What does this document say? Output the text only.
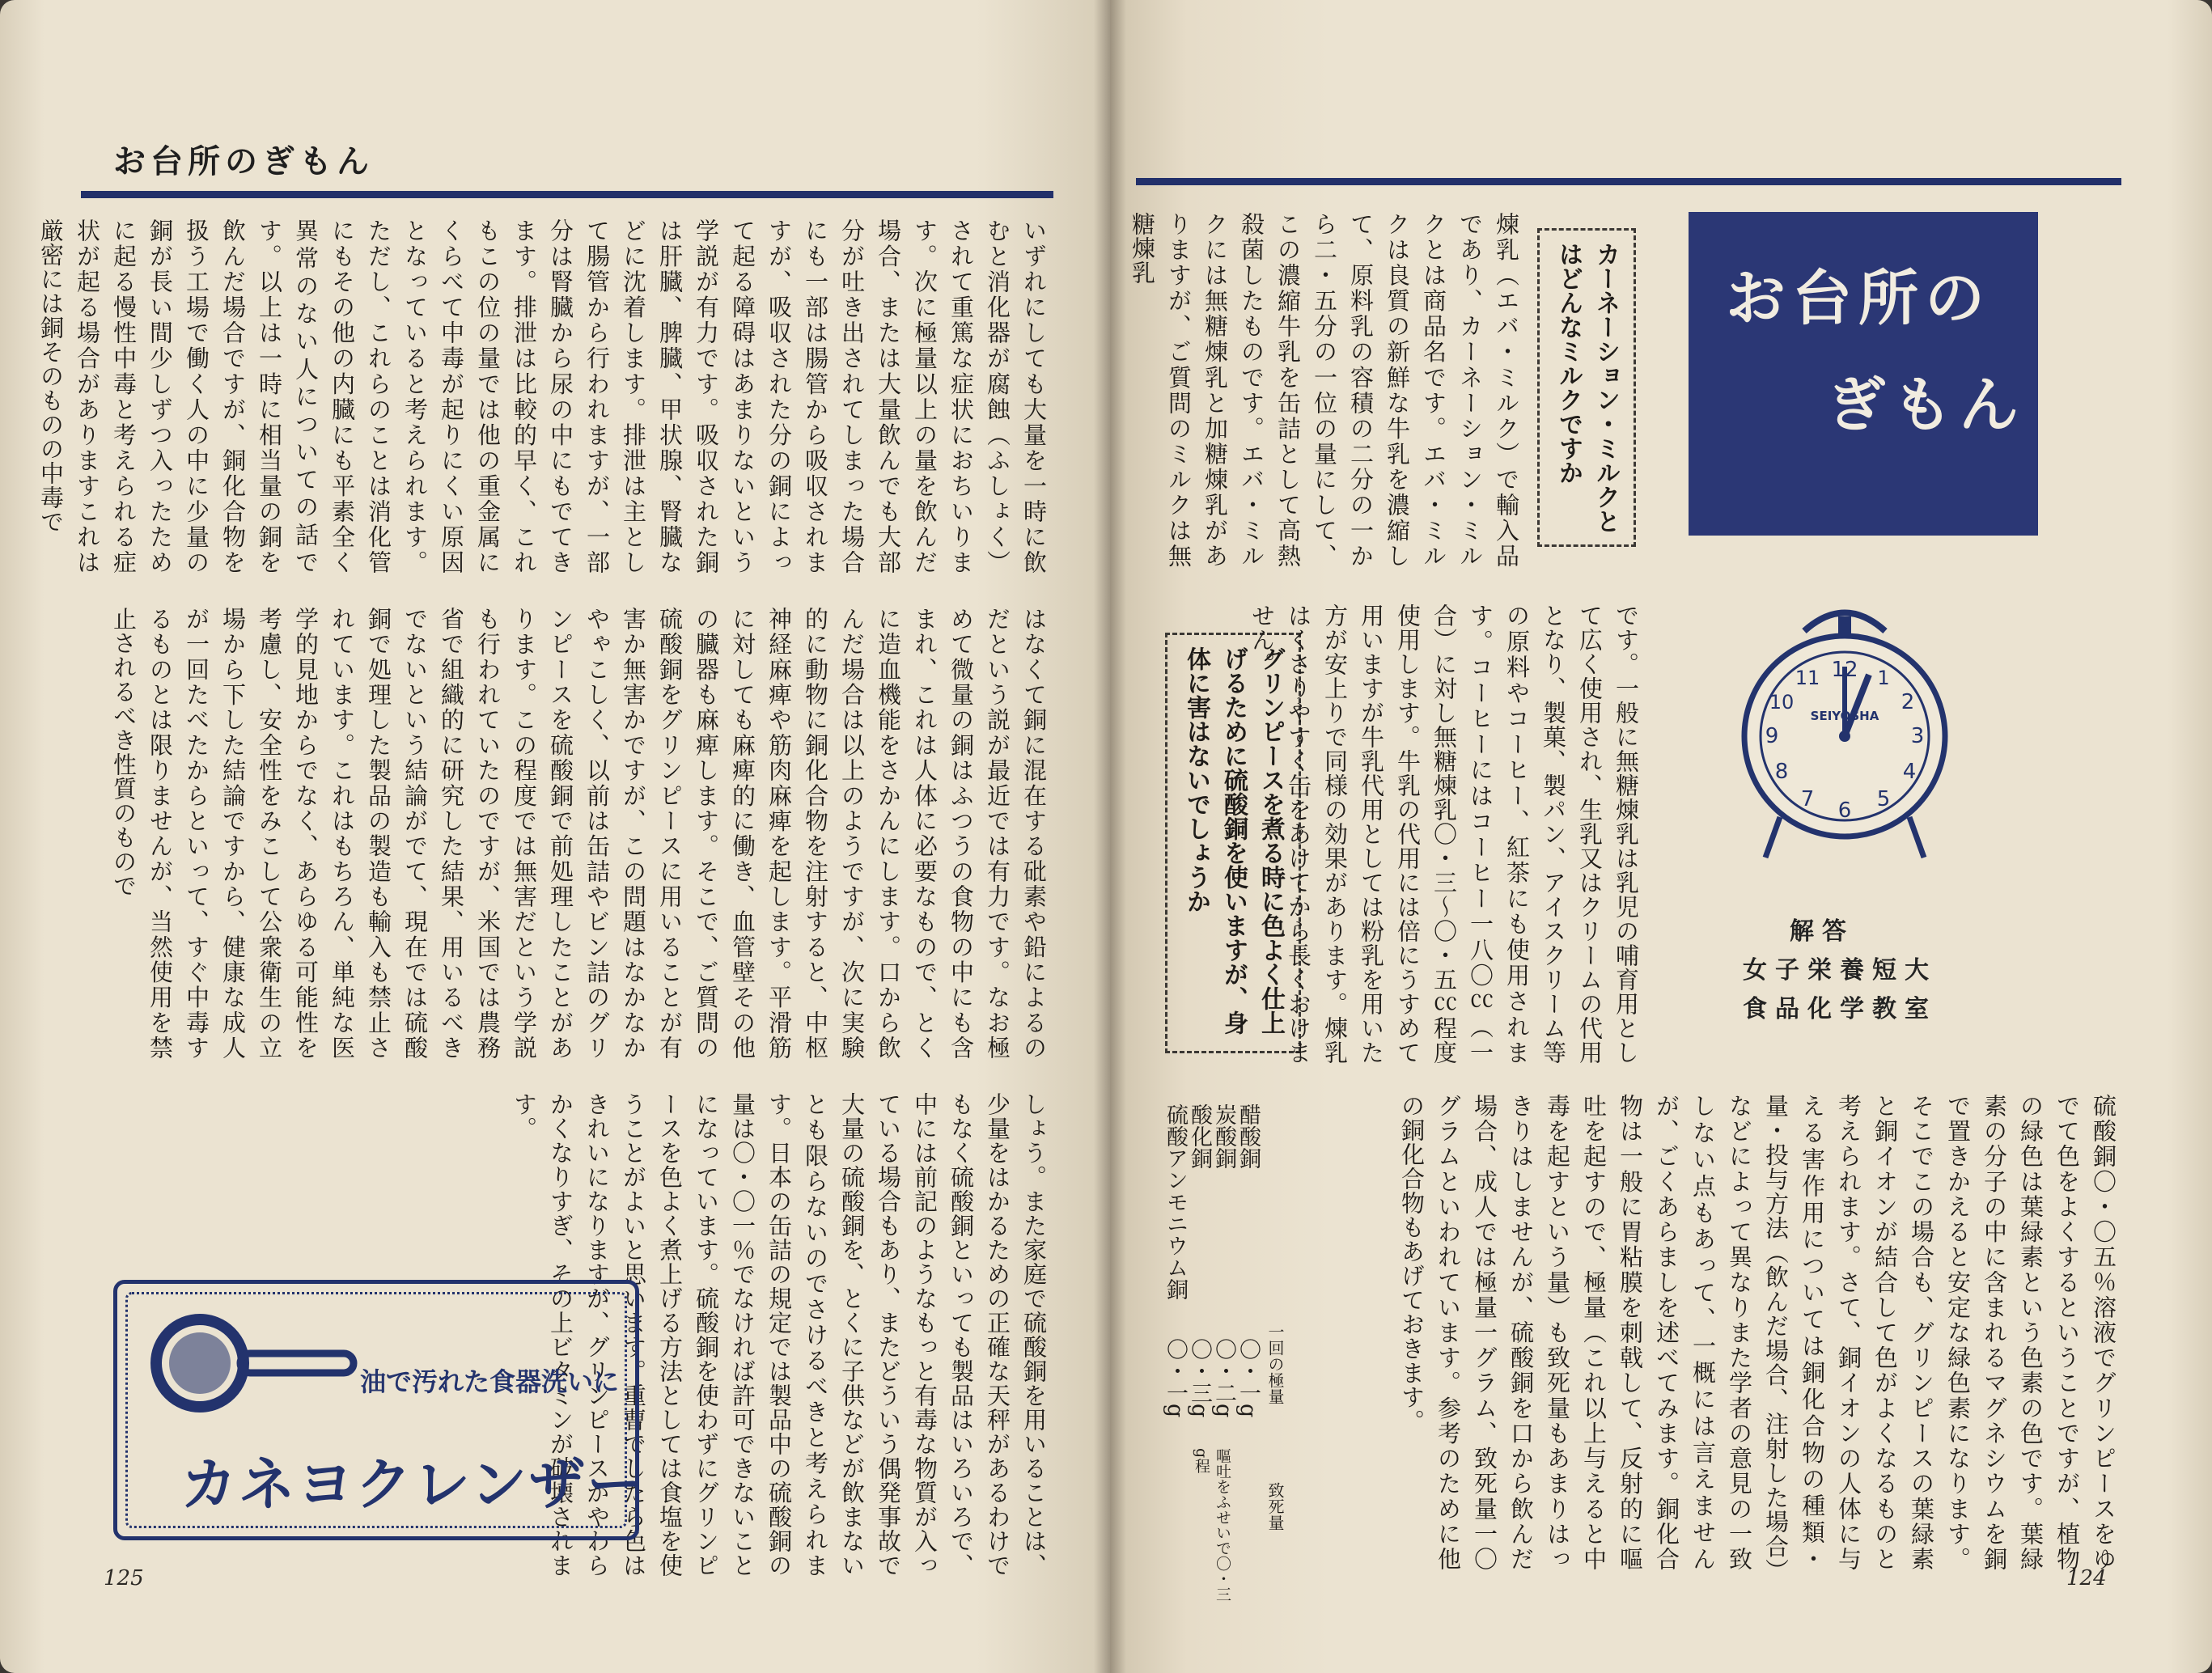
お台所のぎもん
いずれにしても大量を一時に飲むと消化器が腐蝕（ふしょく）されて重篤な症状におちいります。次に極量以上の量を飲んだ場合、または大量飲んでも大部分が吐き出されてしまった場合にも一部は腸管から吸収されますが、吸収された分の銅によって起る障碍はあまりないという学説が有力です。吸収された銅は肝臓、脾臓、甲状腺、腎臓などに沈着します。排泄は主として腸管から行われますが、一部分は腎臓から尿の中にもでてきます。排泄は比較的早く、これもこの位の量では他の重金属にくらべて中毒が起りにくい原因となっていると考えられます。ただし、これらのことは消化管にもその他の内臓にも平素全く異常のない人についての話です。以上は一時に相当量の銅を飲んだ場合ですが、銅化合物を扱う工場で働く人の中に少量の銅が長い間少しずつ入ったために起る慢性中毒と考えられる症状が起る場合がありますこれは厳密には銅そのものの中毒で
はなくて銅に混在する砒素や鉛によるのだという説が最近では有力です。なお極めて微量の銅はふつうの食物の中にも含まれ、これは人体に必要なもので、とくに造血機能をさかんにします。口から飲んだ場合は以上のようですが、次に実験的に動物に銅化合物を注射すると、中枢神経麻痺や筋肉麻痺を起します。平滑筋に対しても麻痺的に働き、血管壁その他の臓器も麻痺します。そこで、ご質問の硫酸銅をグリンピースに用いることが有害か無害かですが、この問題はなかなかやゃこしく、以前は缶詰やビン詰のグリンピースを硫酸銅で前処理したことがあります。この程度では無害だという学説も行われていたのですが、米国では農務省で組織的に研究した結果、用いるべきでないという結論がでて、現在では硫酸銅で処理した製品の製造も輸入も禁止されています。これはもちろん、単純な医学的見地からでなく、あらゆる可能性を考慮し、安全性をみこして公衆衛生の立場から下した結論ですから、健康な成人が一回たべたからといって、すぐ中毒するものとは限りませんが、当然使用を禁止されるべき性質のもので
しょう。また家庭で硫酸銅を用いることは、少量をはかるための正確な天秤があるわけでもなく硫酸銅といっても製品はいろいろで、中には前記のようなもっと有毒な物質が入っている場合もあり、またどういう偶発事故で大量の硫酸銅を、とくに子供などが飲まないとも限らないのでさけるべきと考えられます。日本の缶詰の規定では製品中の硫酸銅の量は〇・〇一％でなければ許可できないことになっています。硫酸銅を使わずにグリンピースを色よく煮上げる方法としては食塩を使うことがよいと思います。重曹でしたら色はきれいになりますが、グリンピースがやわらかくなりすぎ、その上ビタミンが破壊されます。
油で汚れた食器洗いに
カネヨクレンザー
125
お台所の
ぎもん
カーネーション・ミルクとはどんなミルクですか
煉乳（エバ・ミルク）で輸入品であり、カーネーション・ミルクとは商品名です。エバ・ミルクは良質の新鮮な牛乳を濃縮して、原料乳の容積の二分の一から二・五分の一位の量にして、この濃縮牛乳を缶詰として高熱殺菌したものです。エバ・ミルクには無糖煉乳と加糖煉乳がありますが、ご質問のミルクは無糖煉乳
グリンピースを煮る時に色よく仕上げるために硫酸銅を使いますが、身体に害はないでしょうか	です。一般に無糖煉乳は乳児の哺育用として広く使用され、生乳又はクリームの代用となり、製菓、製パン、アイスクリーム等の原料やコーヒー、紅茶にも使用されます。コーヒーにはコーヒー一八〇㏄（一合）に対し無糖煉乳〇・三〜〇・五㏄程度使用します。牛乳の代用には倍にうすめて用いますが牛乳代用としては粉乳を用いた方が安上りで同様の効果があります。煉乳はくさりやすく缶をあけてから長くおけません。	12 1
2
3
4
5
6
7
8
9
10
11
SEIYOSHA
解答
女子栄養短大
食品化学教室
硫酸銅〇・〇五％溶液でグリンピースをゆでて色をよくするということですが、植物の緑色は葉緑素という色素の色です。葉緑素の分子の中に含まれるマグネシウムを銅で置きかえると安定な緑色素になります。そこでこの場合も、グリンピースの葉緑素と銅イオンが結合して色がよくなるものと考えられます。さて、銅イオンの人体に与える害作用については銅化合物の種類・量・投与方法（飲んだ場合、注射した場合）などによって異なりまた学者の意見の一致しない点もあって、一概には言えませんが、ごくあらましを述べてみます。銅化合物は一般に胃粘膜を刺戟して、反射的に嘔吐を起すので、極量（これ以上与えると中毒を起すという量）も致死量もあまりはっきりはしませんが、硫酸銅を口から飲んだ場合、成人では極量一グラム、致死量一〇グラムといわれています。参考のために他の銅化合物もあげておきます。
一回の極量
致死量
醋酸銅
炭酸銅
酸化銅
硫酸アンモニウム銅
〇・一g
〇・二g
〇・三g
〇・一g
嘔吐をふせいで〇・三g程
124
